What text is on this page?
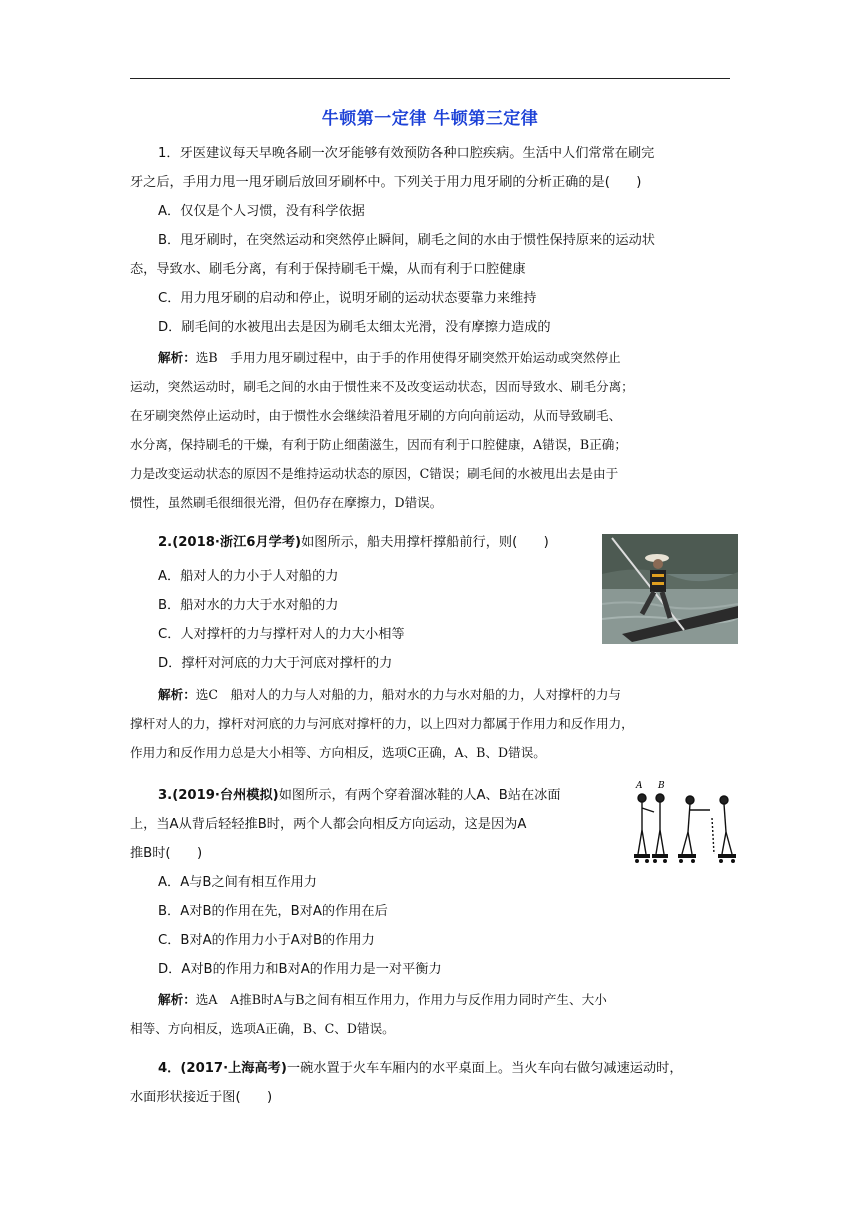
牛顿第一定律 牛顿第三定律
1．牙医建议每天早晚各刷一次牙能够有效预防各种口腔疾病。生活中人们常常在刷完
牙之后，手用力甩一甩牙刷后放回牙刷杯中。下列关于用力甩牙刷的分析正确的是(　　)
A．仅仅是个人习惯，没有科学依据
B．甩牙刷时，在突然运动和突然停止瞬间，刷毛之间的水由于惯性保持原来的运动状
态，导致水、刷毛分离，有利于保持刷毛干燥，从而有利于口腔健康
C．用力甩牙刷的启动和停止，说明牙刷的运动状态要靠力来维持
D．刷毛间的水被甩出去是因为刷毛太细太光滑，没有摩擦力造成的
解析：选B　手用力甩牙刷过程中，由于手的作用使得牙刷突然开始运动或突然停止
运动，突然运动时，刷毛之间的水由于惯性来不及改变运动状态，因而导致水、刷毛分离；
在牙刷突然停止运动时，由于惯性水会继续沿着甩牙刷的方向向前运动，从而导致刷毛、
水分离，保持刷毛的干燥，有利于防止细菌滋生，因而有利于口腔健康，A错误，B正确；
力是改变运动状态的原因不是维持运动状态的原因，C错误；刷毛间的水被甩出去是由于
惯性，虽然刷毛很细很光滑，但仍存在摩擦力，D错误。
2.(2018·浙江6月学考)如图所示，船夫用撑杆撑船前行，则(　　)
A．船对人的力小于人对船的力
B．船对水的力大于水对船的力
C．人对撑杆的力与撑杆对人的力大小相等
D．撑杆对河底的力大于河底对撑杆的力
解析：选C　船对人的力与人对船的力，船对水的力与水对船的力，人对撑杆的力与
撑杆对人的力，撑杆对河底的力与河底对撑杆的力，以上四对力都属于作用力和反作用力，
作用力和反作用力总是大小相等、方向相反，选项C正确，A、B、D错误。
3.(2019·台州模拟)如图所示，有两个穿着溜冰鞋的人A、B站在冰面
上，当A从背后轻轻推B时，两个人都会向相反方向运动，这是因为A
推B时(　　)
A．A与B之间有相互作用力
B．A对B的作用在先，B对A的作用在后
C．B对A的作用力小于A对B的作用力
D．A对B的作用力和B对A的作用力是一对平衡力
解析：选A　A推B时A与B之间有相互作用力，作用力与反作用力同时产生、大小
相等、方向相反，选项A正确，B、C、D错误。
A B
4．(2017·上海高考)一碗水置于火车车厢内的水平桌面上。当火车向右做匀减速运动时，
水面形状接近于图(　　)
